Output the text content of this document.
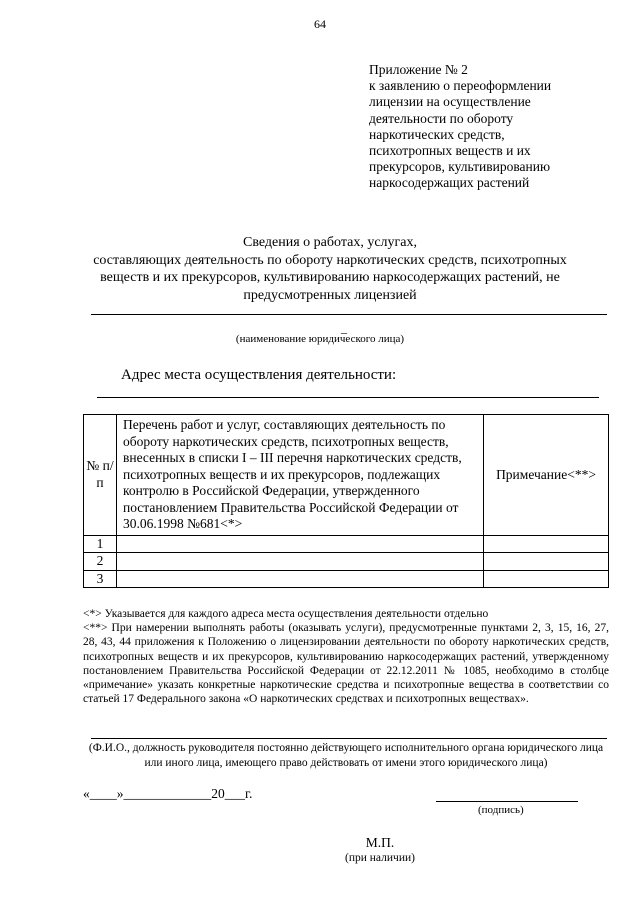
64
Приложение № 2
к заявлению о переоформлении
лицензии на осуществление
деятельности по обороту
наркотических средств,
психотропных веществ и их
прекурсоров, культивированию
наркосодержащих растений
Сведения о работах, услугах,
составляющих деятельность по обороту наркотических средств, психотропных
веществ и их прекурсоров, культивированию наркосодержащих растений, не
предусмотренных лицензией
_
(наименование юридического лица)
Адрес места осуществления деятельности:
№ п/п	Перечень работ и услуг, составляющих деятельность по обороту наркотических средств, психотропных веществ, внесенных в списки I – III перечня наркотических средств, психотропных веществ и их прекурсоров, подлежащих контролю в Российской Федерации, утвержденного постановлением Правительства Российской Федерации от 30.06.1998 №681<*>	Примечание<**>
1		
2		
3		

<*> Указывается для каждого адреса места осуществления деятельности отдельно

<**> При намерении выполнять работы (оказывать услуги), предусмотренные пунктами 2, 3, 15, 16, 27, 28, 43, 44 приложения к Положению о лицензировании деятельности по обороту наркотических средств, психотропных веществ и их прекурсоров, культивированию наркосодержащих растений, утвержденному постановлением Правительства Российской Федерации от 22.12.2011 № 1085, необходимо в столбце «примечание» указать конкретные наркотические средства и психотропные вещества в соответствии со статьей 17 Федерального закона «О наркотических средствах и психотропных веществах».

(Ф.И.О., должность руководителя постоянно действующего исполнительного органа юридического лица или иного лица, имеющего право действовать от имени этого юридического лица)
«____»_____________20___г.
(подпись)
М.П.
(при наличии)
